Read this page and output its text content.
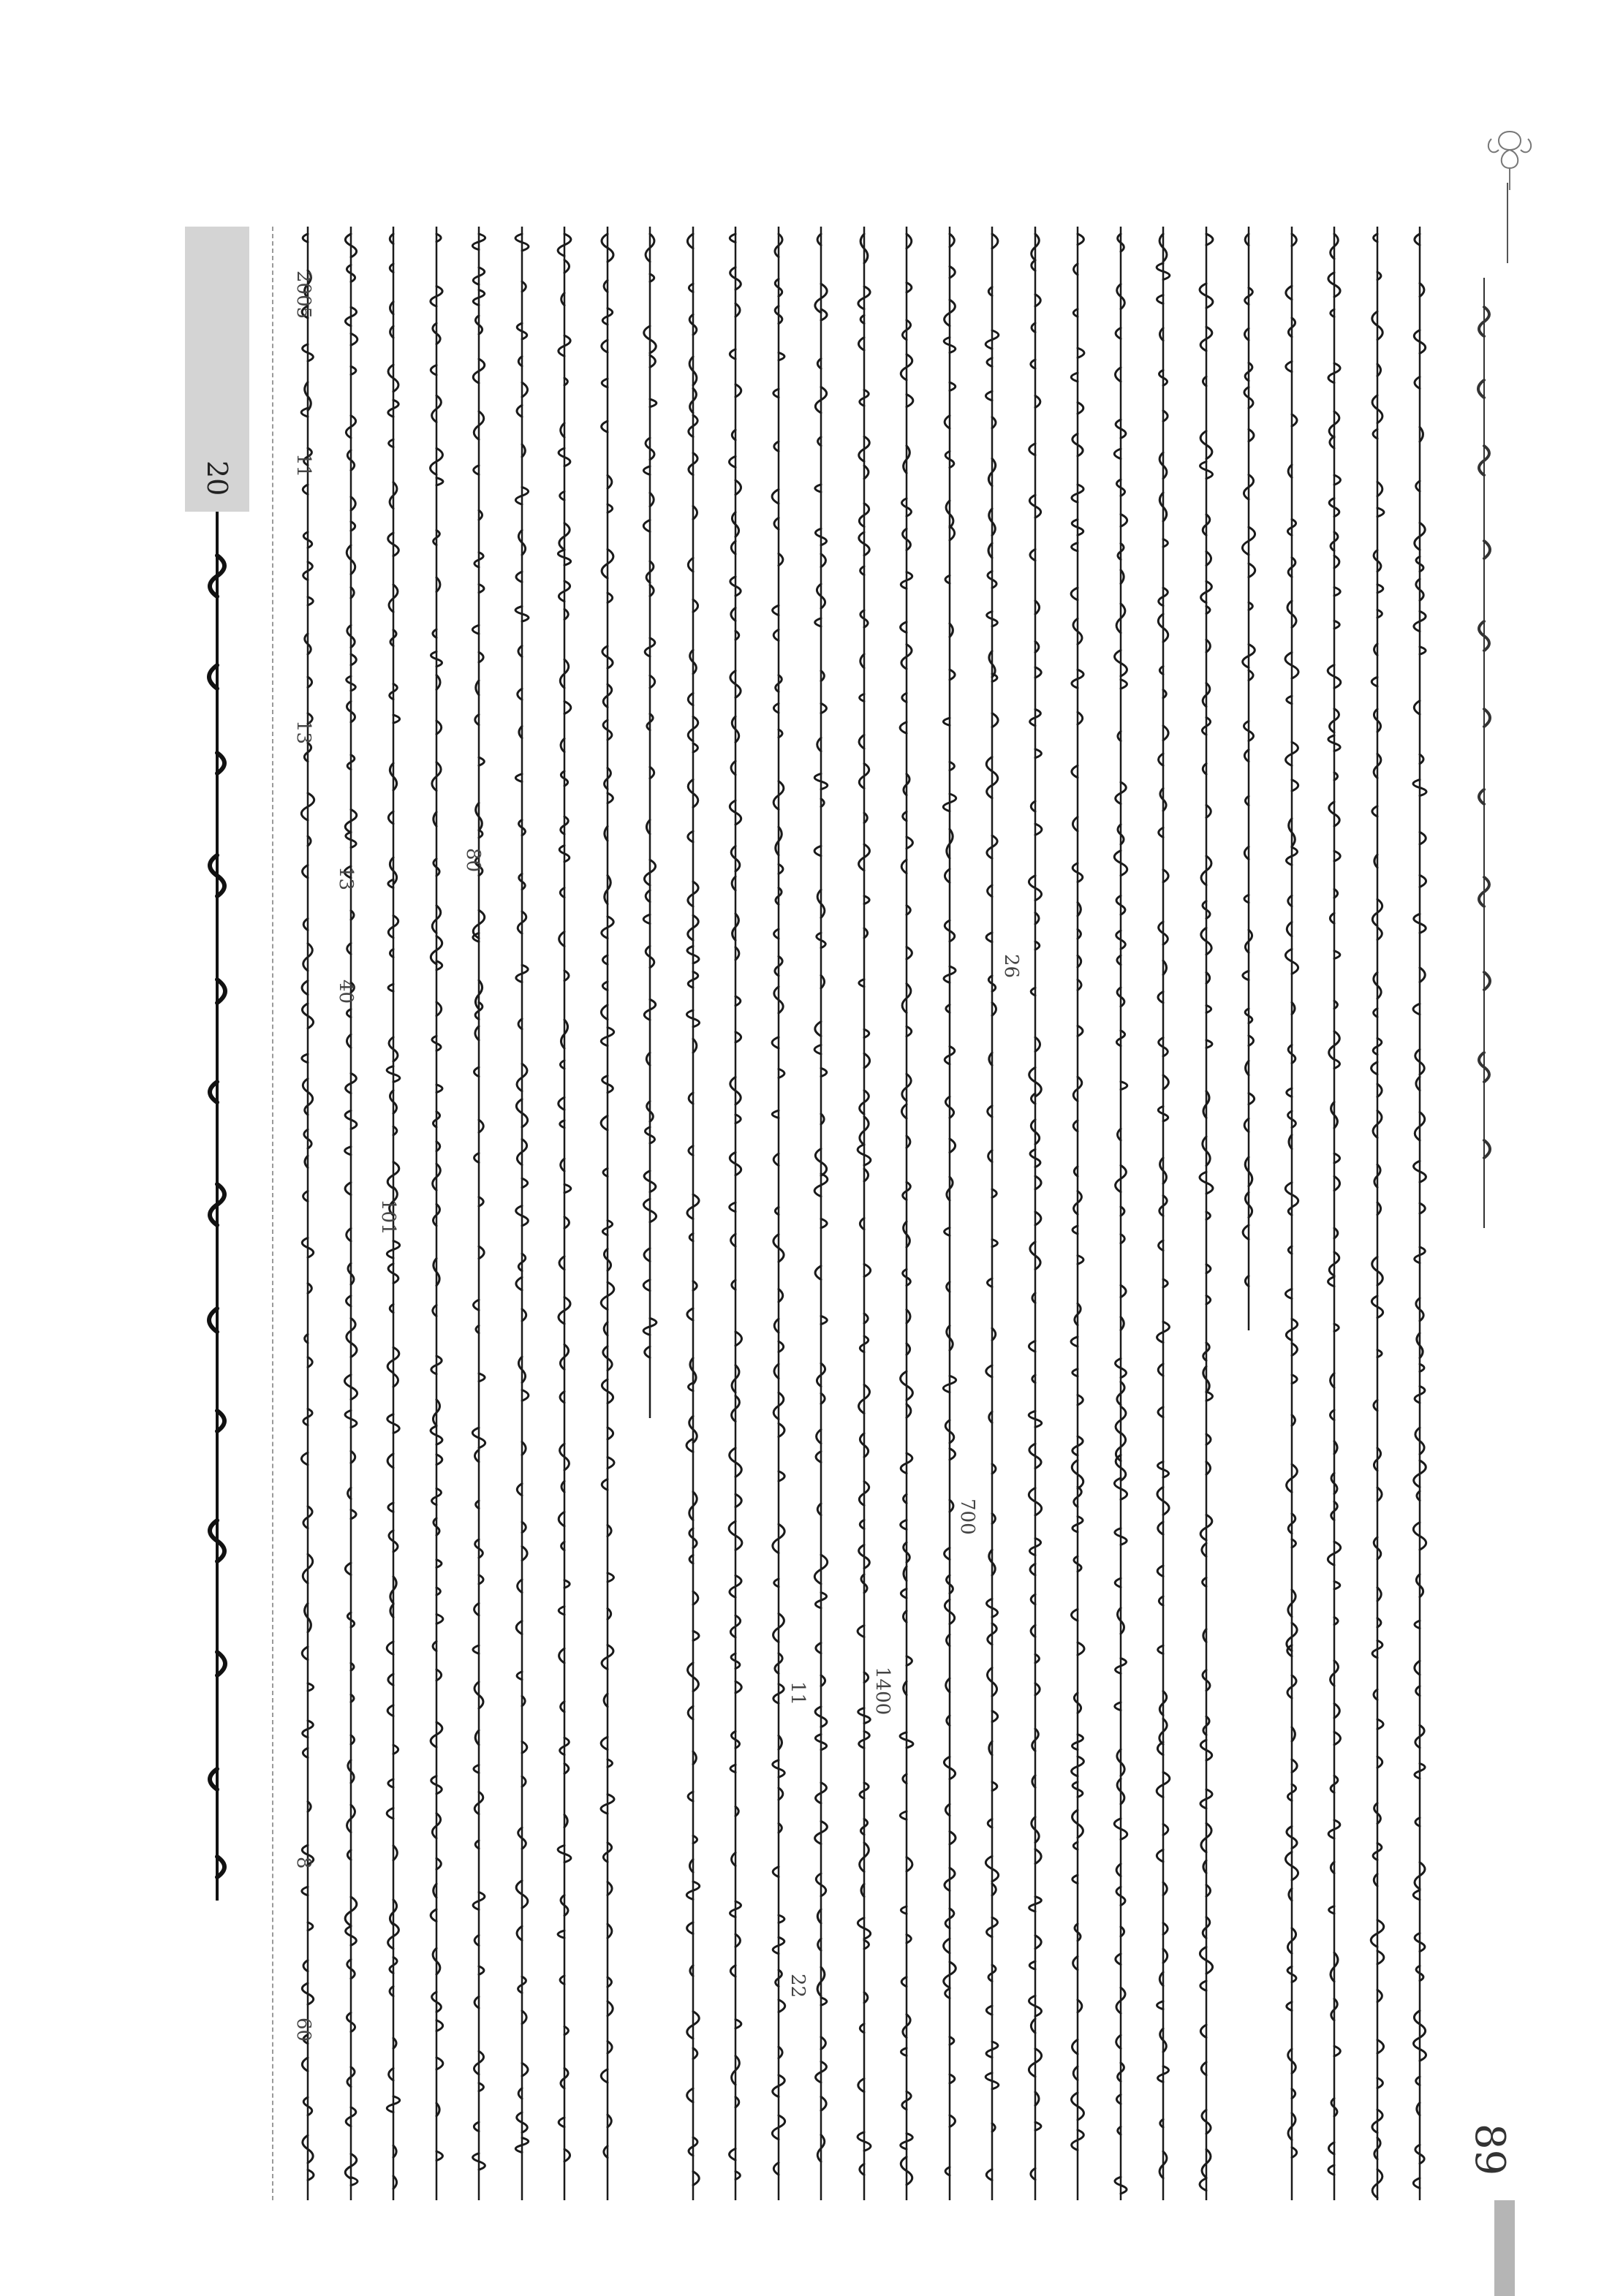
89
20
2005
11
13
13
40
101
80
60
8
26
700
1400
22
11
